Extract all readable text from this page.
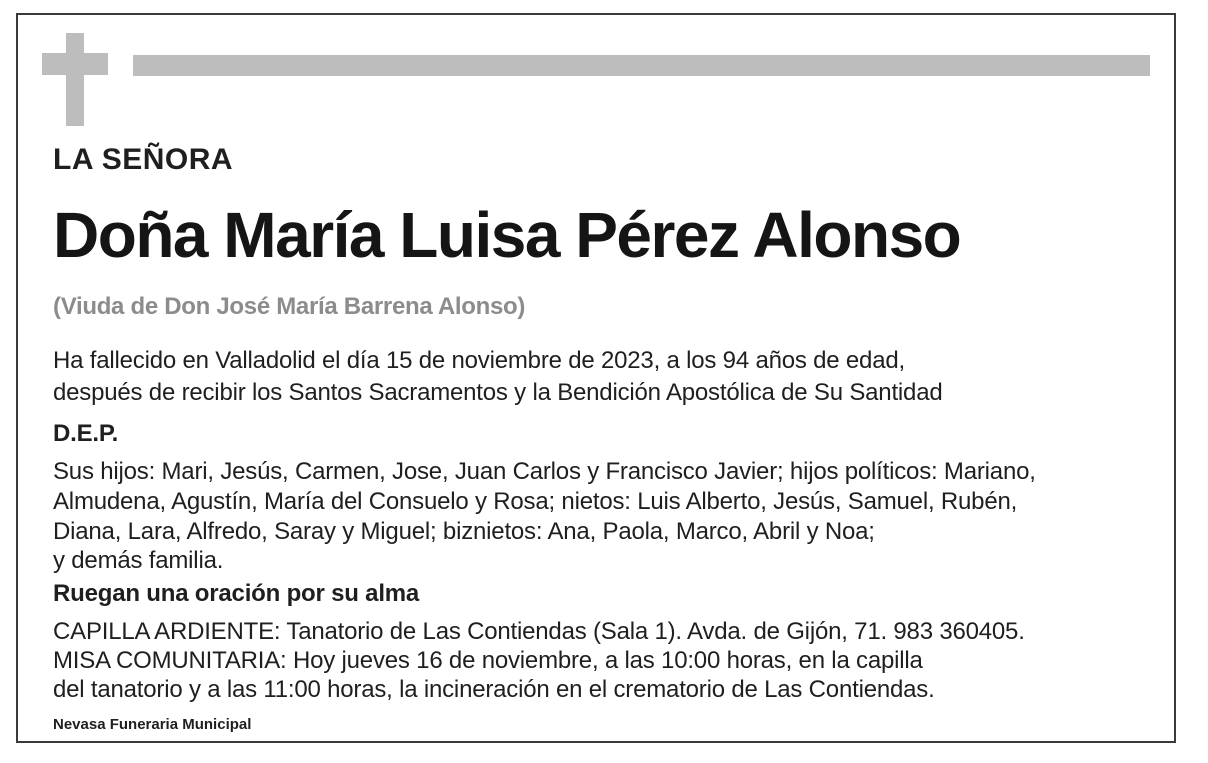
LA SEÑORA

Doña María Luisa Pérez Alonso

(Viuda de Don José María Barrena Alonso)

Ha fallecido en Valladolid el día 15 de noviembre de 2023, a los 94 años de edad,

después de recibir los Santos Sacramentos y la Bendición Apostólica de Su Santidad

D.E.P.

Sus hijos: Mari, Jesús, Carmen, Jose, Juan Carlos y Francisco Javier; hijos políticos: Mariano,

Almudena, Agustín, María del Consuelo y Rosa; nietos: Luis Alberto, Jesús, Samuel, Rubén,

Diana, Lara, Alfredo, Saray y Miguel; biznietos: Ana, Paola, Marco, Abril y Noa;

y demás familia.

Ruegan una oración por su alma

CAPILLA ARDIENTE: Tanatorio de Las Contiendas (Sala 1). Avda. de Gijón, 71. 983 360405.

MISA COMUNITARIA: Hoy jueves 16 de noviembre, a las 10:00 horas, en la capilla

del tanatorio y a las 11:00 horas, la incineración en el crematorio de Las Contiendas.

Nevasa Funeraria Municipal
